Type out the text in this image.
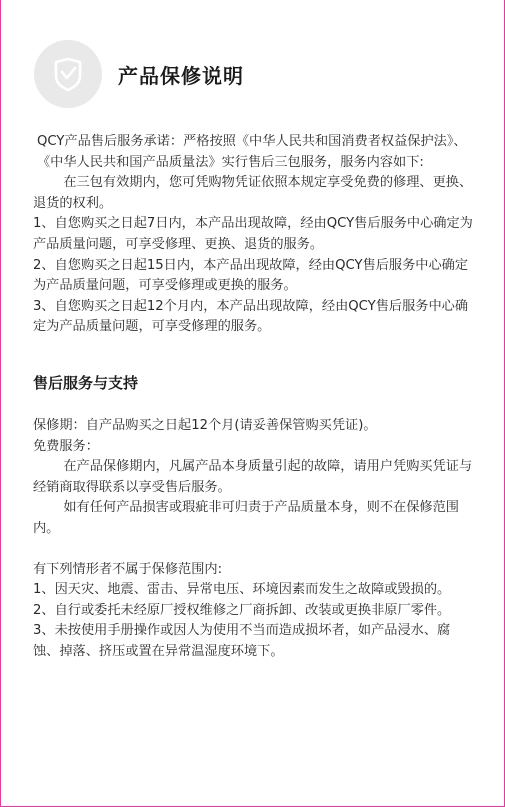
产品保修说明

QCY产品售后服务承诺：严格按照《中华人民共和国消费者权益保护法》、《中华人民共和国产品质量法》实行售后三包服务，服务内容如下:

在三包有效期内，您可凭购物凭证依照本规定享受免费的修理、更换、退货的权利。

1、自您购买之日起7日内，本产品出现故障，经由QCY售后服务中心确定为产品质量问题，可享受修理、更换、退货的服务。

2、自您购买之日起15日内，本产品出现故障，经由QCY售后服务中心确定为产品质量问题，可享受修理或更换的服务。

3、自您购买之日起12个月内，本产品出现故障，经由QCY售后服务中心确定为产品质量问题，可享受修理的服务。

售后服务与支持

保修期：自产品购买之日起12个月(请妥善保管购买凭证)。

免费服务：

在产品保修期内，凡属产品本身质量引起的故障，请用户凭购买凭证与经销商取得联系以享受售后服务。

如有任何产品损害或瑕疵非可归责于产品质量本身，则不在保修范围内。

有下列情形者不属于保修范围内:

1、因天灾、地震、雷击、异常电压、环境因素而发生之故障或毁损的。

2、自行或委托未经原厂授权维修之厂商拆卸、改装或更换非原厂零件。

3、未按使用手册操作或因人为使用不当而造成损坏者，如产品浸水、腐蚀、掉落、挤压或置在异常温湿度环境下。
